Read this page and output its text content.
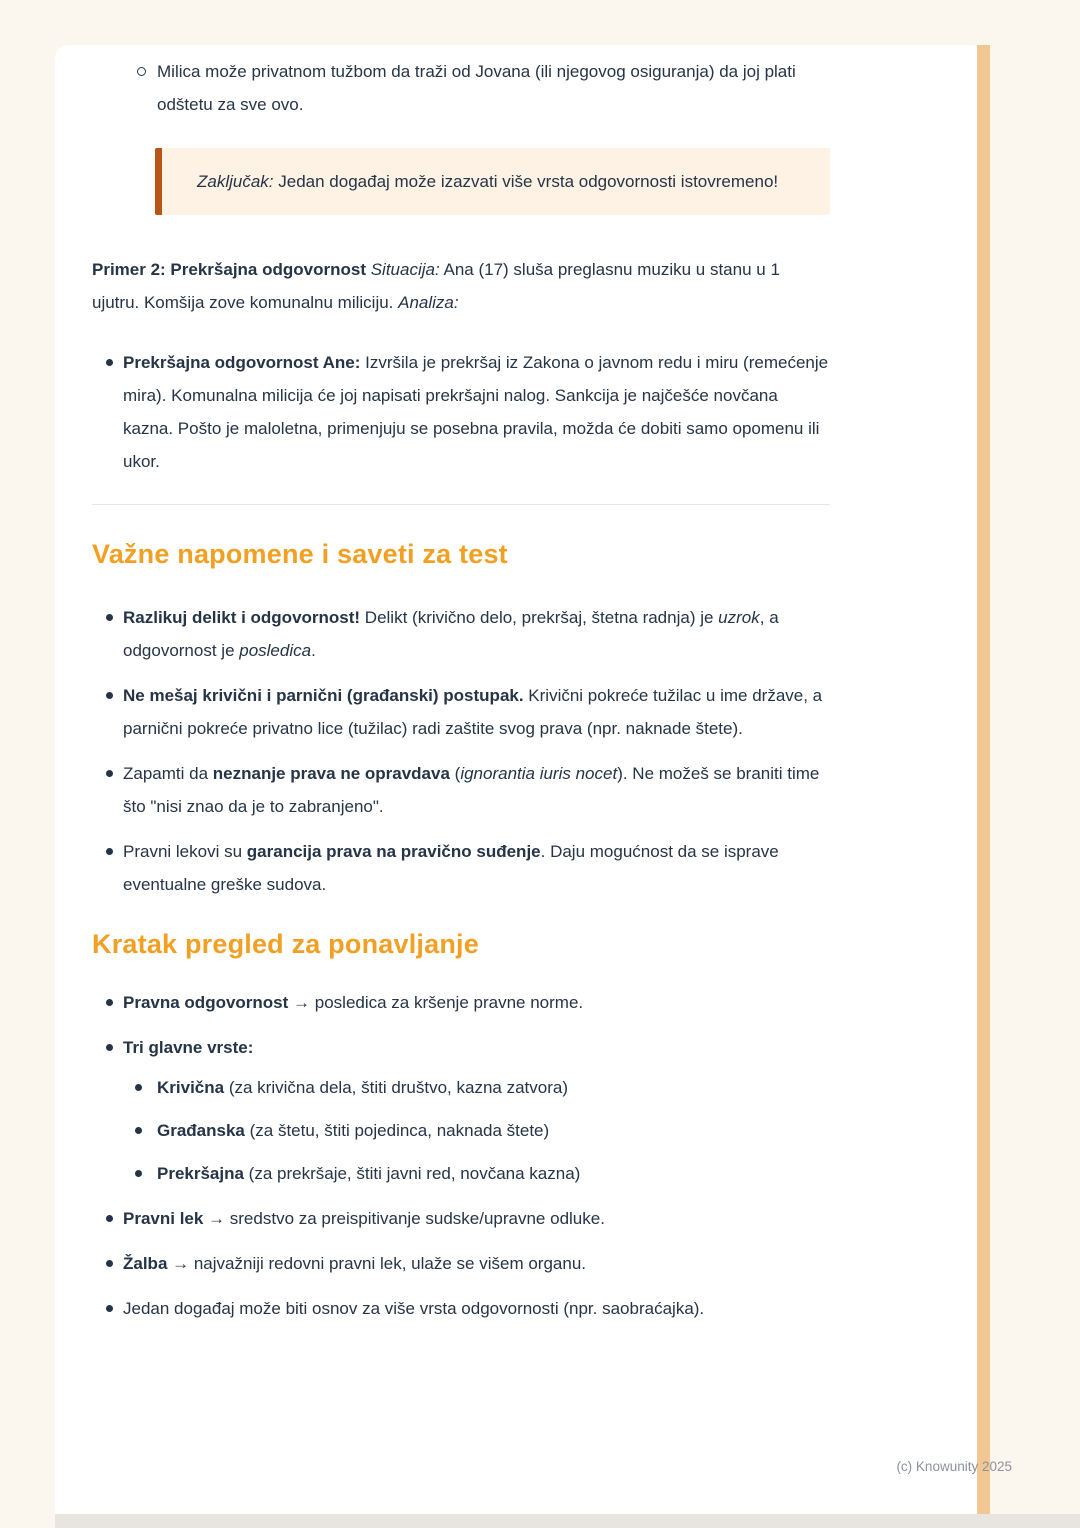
Milica može privatnom tužbom da traži od Jovana (ili njegovog osiguranja) da joj plati odštetu za sve ovo.
Zaključak: Jedan događaj može izazvati više vrsta odgovornosti istovremeno!

Primer 2: Prekršajna odgovornost Situacija: Ana (17) sluša preglasnu muziku u stanu u 1 ujutru. Komšija zove komunalnu miliciju. Analiza:

Prekršajna odgovornost Ane: Izvršila je prekršaj iz Zakona o javnom redu i miru (remećenje mira). Komunalna milicija će joj napisati prekršajni nalog. Sankcija je najčešće novčana kazna. Pošto je maloletna, primenjuju se posebna pravila, možda će dobiti samo opomenu ili ukor.
Važne napomene i saveti za test
Razlikuj delikt i odgovornost! Delikt (krivično delo, prekršaj, štetna radnja) je uzrok, a odgovornost je posledica.
Ne mešaj krivični i parnični (građanski) postupak. Krivični pokreće tužilac u ime države, a parnični pokreće privatno lice (tužilac) radi zaštite svog prava (npr. naknade štete).
Zapamti da neznanje prava ne opravdava (ignorantia iuris nocet). Ne možeš se braniti time što "nisi znao da je to zabranjeno".
Pravni lekovi su garancija prava na pravično suđenje. Daju mogućnost da se isprave eventualne greške sudova.
Kratak pregled za ponavljanje
Pravna odgovornost → posledica za kršenje pravne norme.
Tri glavne vrste:
Krivična (za krivična dela, štiti društvo, kazna zatvora)
Građanska (za štetu, štiti pojedinca, naknada štete)
Prekršajna (za prekršaje, štiti javni red, novčana kazna)
Pravni lek → sredstvo za preispitivanje sudske/upravne odluke.
Žalba → najvažniji redovni pravni lek, ulaže se višem organu.
Jedan događaj može biti osnov za više vrsta odgovornosti (npr. saobraćajka).
(c) Knowunity 2025
